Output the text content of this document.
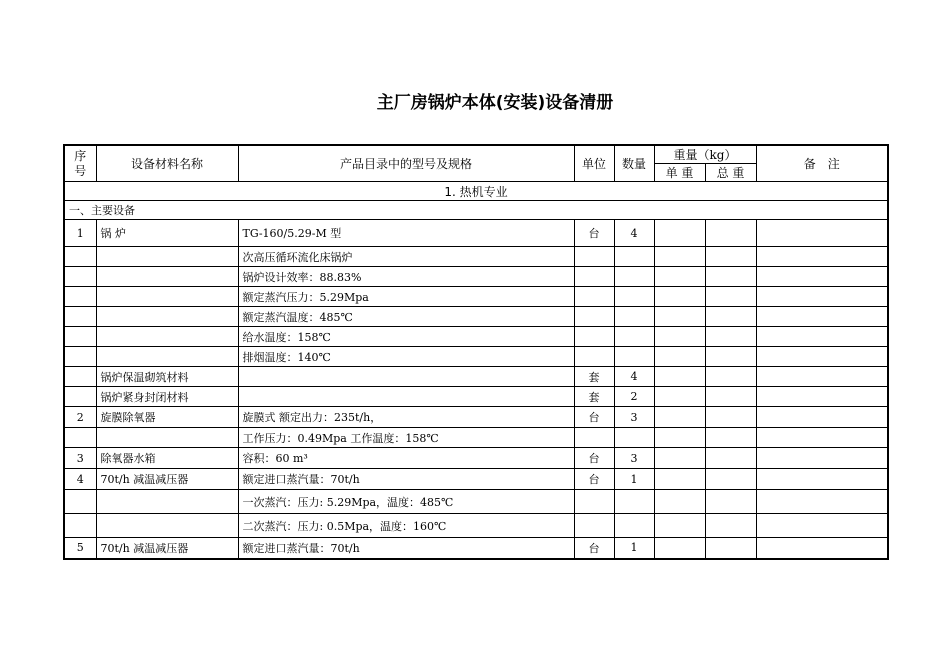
主厂房锅炉本体(安装)设备清册
序
号	设备材料名称	产品目录中的型号及规格	单位	数量	重量（kg）		备　注
					单 重	总 重	
1. 热机专业							
一、主要设备							
1	锅 炉	TG-160/5.29-M 型	台	4			
		次高压循环流化床锅炉					
		锅炉设计效率：88.83%					
		额定蒸汽压力：5.29Mpa					
		额定蒸汽温度：485℃					
		给水温度：158℃					
		排烟温度：140℃					
	锅炉保温砌筑材料		套	4			
	锅炉紧身封闭材料		套	2			
2	旋膜除氧器	旋膜式 额定出力：235t/h，	台	3			
		工作压力：0.49Mpa 工作温度：158℃					
3	除氧器水箱	容积：60 m³	台	3			
4	70t/h 减温减压器	额定进口蒸汽量：70t/h	台	1			
		一次蒸汽：压力: 5.29Mpa，温度：485℃					
		二次蒸汽：压力: 0.5Mpa，温度：160℃					
5	70t/h 减温减压器	额定进口蒸汽量：70t/h	台	1			
